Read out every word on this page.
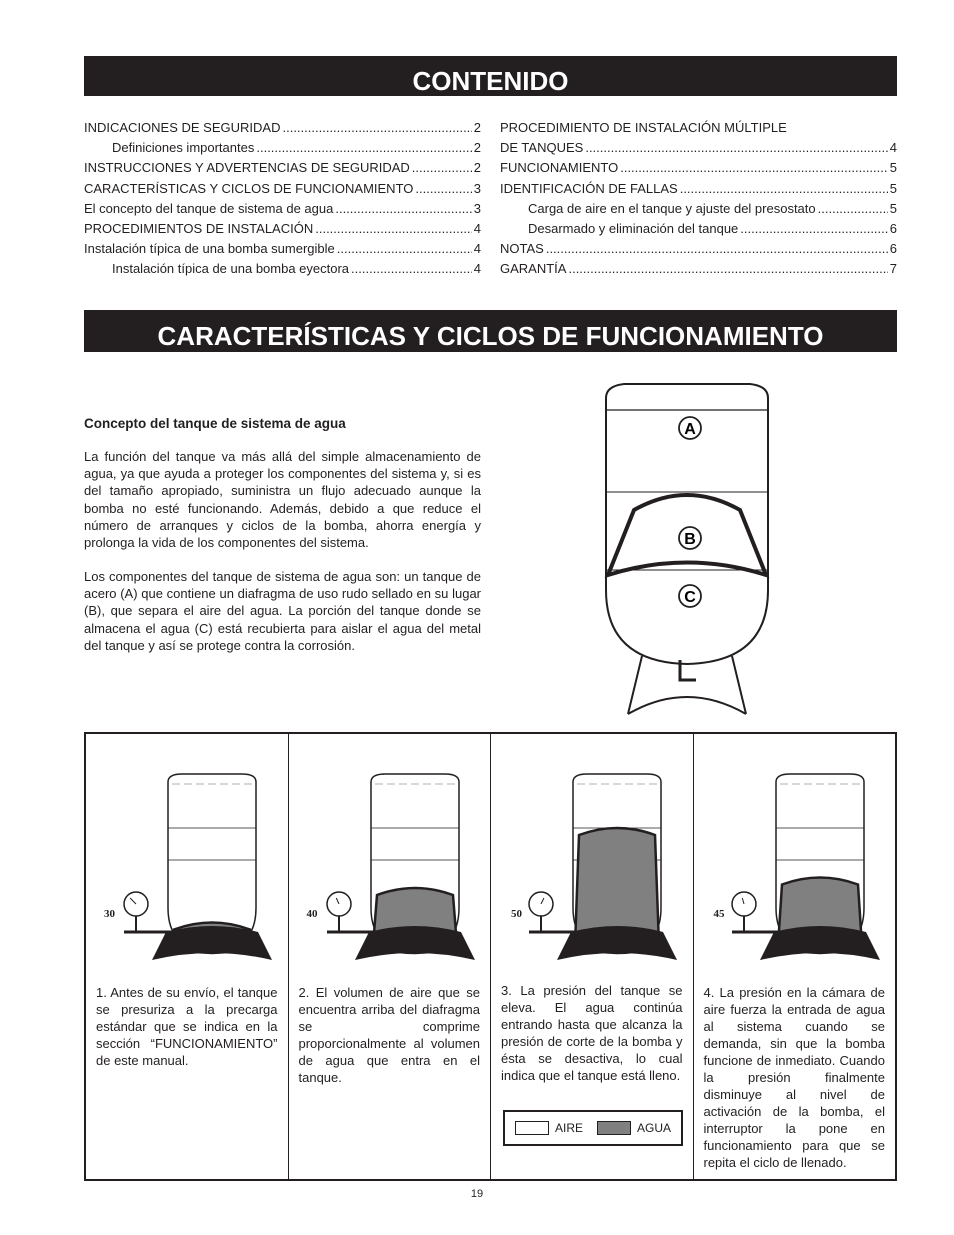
CONTENIDO
INDICACIONES DE SEGURIDAD .....	2
Definiciones importantes .....	2
INSTRUCCIONES Y ADVERTENCIAS DE SEGURIDAD .....	2
CARACTERÍSTICAS Y CICLOS DE FUNCIONAMIENTO .....	3
El concepto del tanque de sistema de agua .....	3
PROCEDIMIENTOS DE INSTALACIÓN .....	4
Instalación típica de una bomba sumergible .....	4
Instalación típica de una bomba eyectora .....	4
PROCEDIMIENTO DE INSTALACIÓN MÚLTIPLE
DE TANQUES .....	4
FUNCIONAMIENTO .....	5
IDENTIFICACIÓN DE FALLAS .....	5
Carga de aire en el tanque y ajuste del presostato .....	5
Desarmado y eliminación del tanque .....	6
NOTAS .....	6
GARANTÍA .....	7
CARACTERÍSTICAS Y CICLOS DE FUNCIONAMIENTO
Concepto del tanque de sistema de agua
La función del tanque va más allá del simple almacenamiento de agua, ya que ayuda a proteger los componentes del sistema y, si es del tamaño apropiado, suministra un flujo adecuado aunque la bomba no esté funcionando. Además, debido a que reduce el número de arranques y ciclos de la bomba, ahorra energía y prolonga la vida de los componentes del sistema.
Los componentes del tanque de sistema de agua son: un tanque de acero (A) que contiene un diafragma de uso rudo sellado en su lugar (B), que separa el aire del agua. La porción del tanque donde se almacena el agua (C) está recubierta para aislar el agua del metal del tanque y así se protege contra la corrosión.
A
B
C
30
1. Antes de su envío, el tanque se presuriza a la precarga estándar que se indica en la sección “FUNCIONAMIENTO” de este manual.
40
2. El volumen de aire que se encuentra arriba del diafragma se comprime proporcionalmente al volumen de agua que entra en el tanque.
50
3. La presión del tanque se eleva. El agua continúa entrando hasta que alcanza la presión de corte de la bomba y ésta se desactiva, lo cual indica que el tanque está lleno.
AIRE	AGUA
45
4. La presión en la cámara de aire fuerza la entrada de agua al sistema cuando se demanda, sin que la bomba funcione de inmediato. Cuando la presión finalmente disminuye al nivel de activación de la bomba, el interruptor la pone en funcionamiento para que se repita el ciclo de llenado.
19
